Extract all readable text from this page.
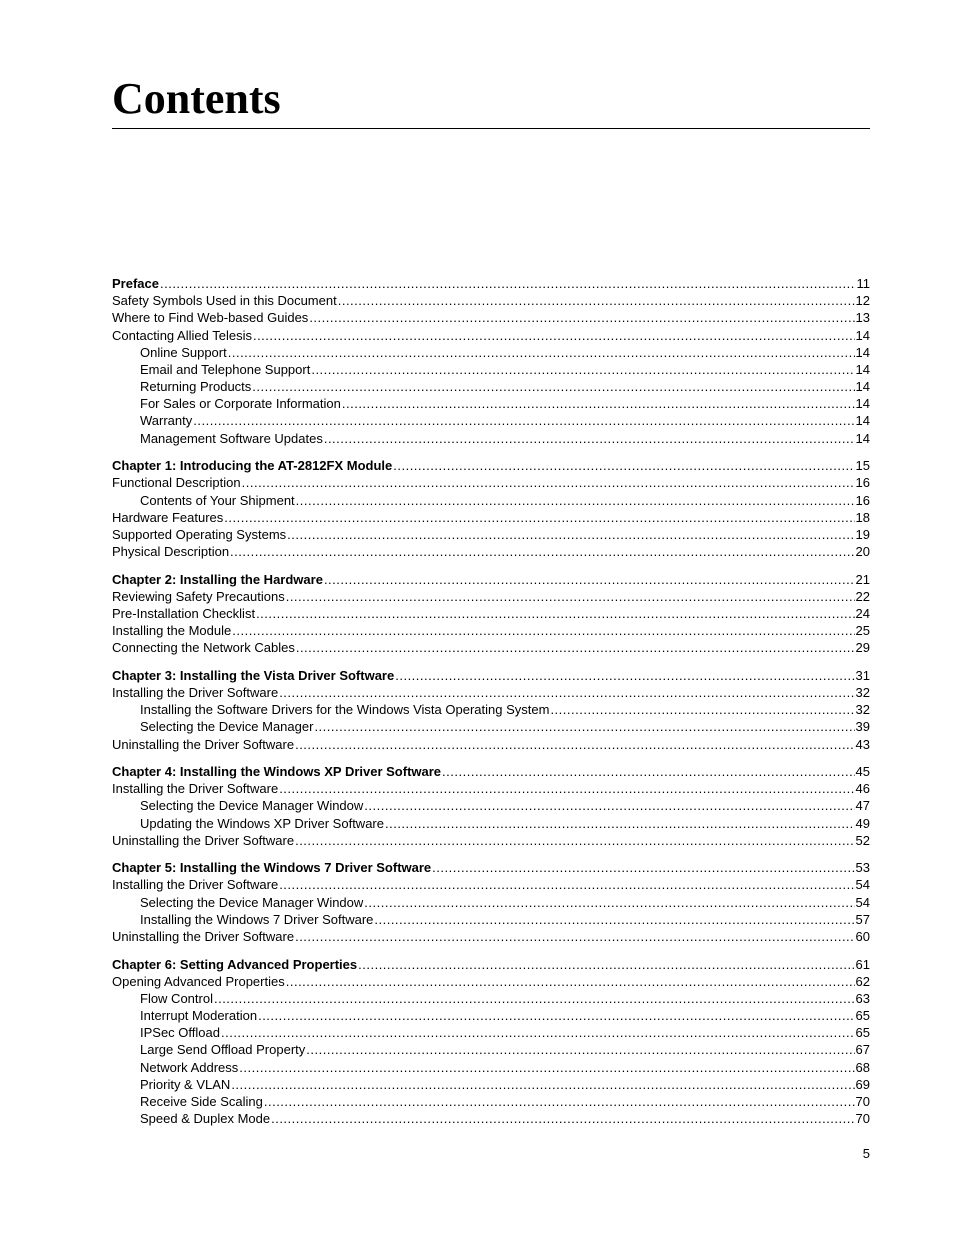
Contents
Preface .....	11
Safety Symbols Used in this Document .....	12
Where to Find Web-based Guides .....	13
Contacting Allied Telesis .....	14
Online Support .....	14
Email and Telephone Support .....	14
Returning Products .....	14
For Sales or Corporate Information .....	14
Warranty .....	14
Management Software Updates .....	14
Chapter 1: Introducing the AT-2812FX Module .....	15
Functional Description .....	16
Contents of Your Shipment .....	16
Hardware Features .....	18
Supported Operating Systems .....	19
Physical Description .....	20
Chapter 2: Installing the Hardware .....	21
Reviewing Safety Precautions .....	22
Pre-Installation Checklist .....	24
Installing the Module .....	25
Connecting the Network Cables .....	29
Chapter 3: Installing the Vista Driver Software .....	31
Installing the Driver Software .....	32
Installing the Software Drivers for the Windows Vista Operating System .....	32
Selecting the Device Manager .....	39
Uninstalling the Driver Software .....	43
Chapter 4: Installing the Windows XP Driver Software .....	45
Installing the Driver Software .....	46
Selecting the Device Manager Window .....	47
Updating the Windows XP Driver Software .....	49
Uninstalling the Driver Software .....	52
Chapter 5: Installing the Windows 7 Driver Software .....	53
Installing the Driver Software .....	54
Selecting the Device Manager Window .....	54
Installing the Windows 7 Driver Software .....	57
Uninstalling the Driver Software .....	60
Chapter 6: Setting Advanced Properties .....	61
Opening Advanced Properties .....	62
Flow Control .....	63
Interrupt Moderation .....	65
IPSec Offload .....	65
Large Send Offload Property .....	67
Network Address .....	68
Priority & VLAN .....	69
Receive Side Scaling .....	70
Speed & Duplex Mode .....	70
5
